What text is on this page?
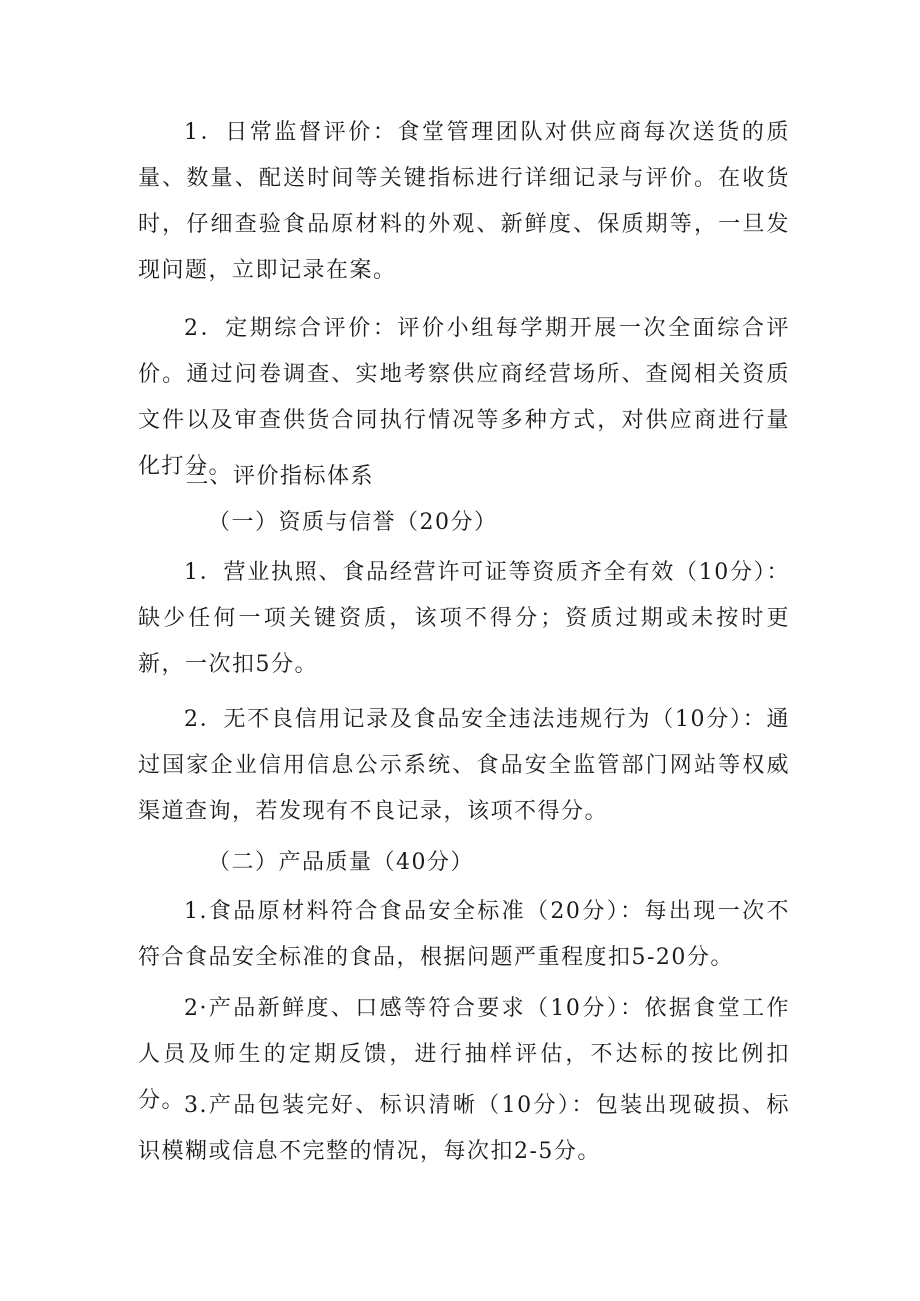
1．日常监督评价：食堂管理团队对供应商每次送货的质量、数量、配送时间等关键指标进行详细记录与评价。在收货时，仔细查验食品原材料的外观、新鲜度、保质期等，一旦发现问题，立即记录在案。

2．定期综合评价：评价小组每学期开展一次全面综合评价。通过问卷调查、实地考察供应商经营场所、查阅相关资质文件以及审查供货合同执行情况等多种方式，对供应商进行量化打分。

三、评价指标体系

（一）资质与信誉（20分）

1．营业执照、食品经营许可证等资质齐全有效（10分）：缺少任何一项关键资质，该项不得分；资质过期或未按时更新，一次扣5分。

2．无不良信用记录及食品安全违法违规行为（10分）：通过国家企业信用信息公示系统、食品安全监管部门网站等权威渠道查询，若发现有不良记录，该项不得分。

（二）产品质量（40分）

1.食品原材料符合食品安全标准（20分）：每出现一次不符合食品安全标准的食品，根据问题严重程度扣5-20分。

2·产品新鲜度、口感等符合要求（10分）：依据食堂工作人员及师生的定期反馈，进行抽样评估，不达标的按比例扣分。

3.产品包装完好、标识清晰（10分）：包装出现破损、标识模糊或信息不完整的情况，每次扣2-5分。
